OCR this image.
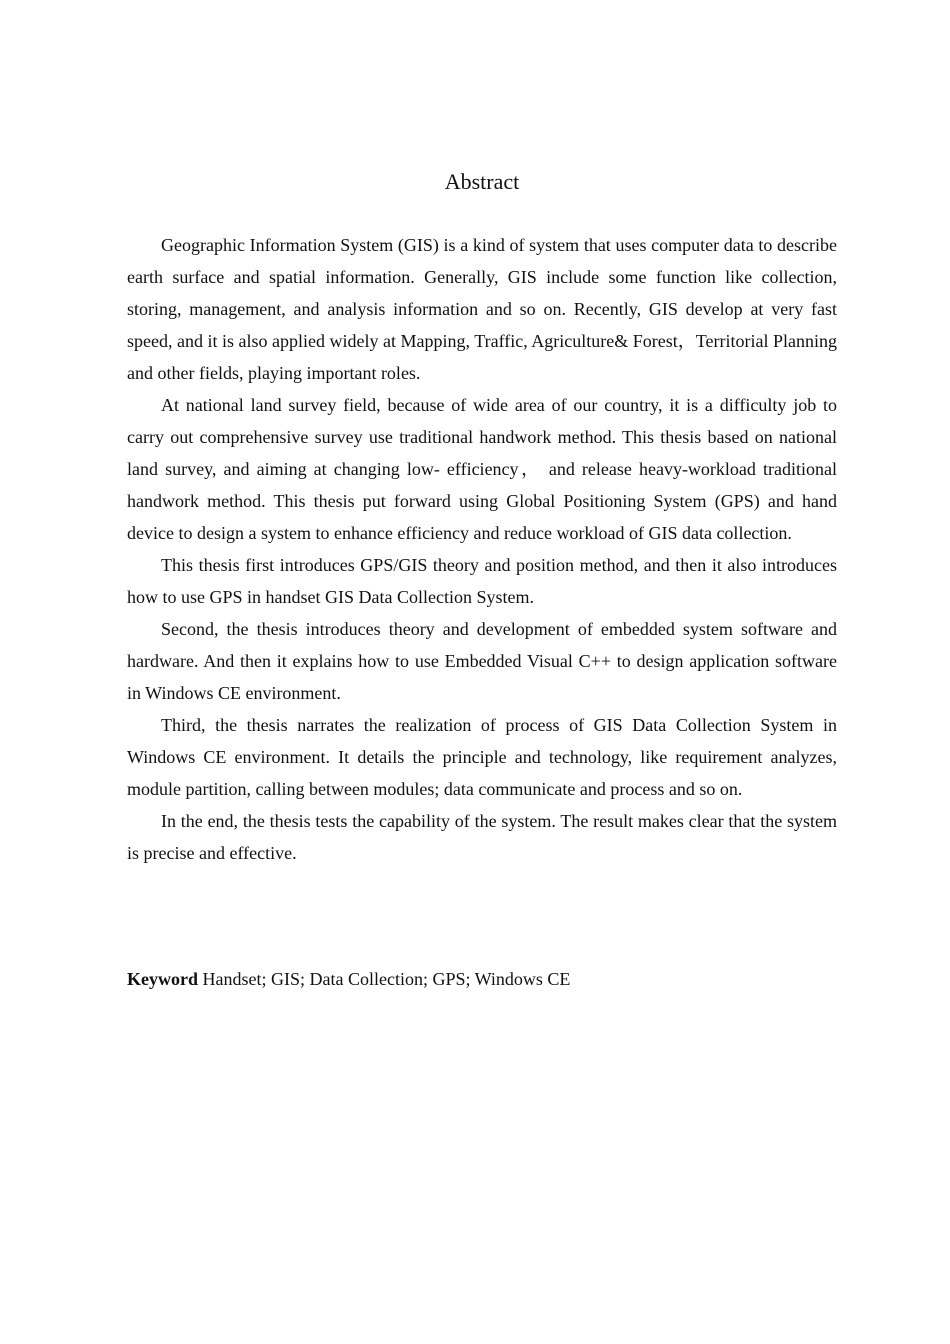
Abstract

Geographic Information System (GIS) is a kind of system that uses computer data to describe earth surface and spatial information. Generally, GIS include some function like collection, storing, management, and analysis information and so on. Recently, GIS develop at very fast speed, and it is also applied widely at Mapping, Traffic, Agriculture& Forest，Territorial Planning and other fields, playing important roles.

At national land survey field, because of wide area of our country, it is a difficulty job to carry out comprehensive survey use traditional handwork method. This thesis based on national land survey, and aiming at changing low- efficiency， and release heavy-workload traditional handwork method. This thesis put forward using Global Positioning System (GPS) and hand device to design a system to enhance efficiency and reduce workload of GIS data collection.

This thesis first introduces GPS/GIS theory and position method, and then it also introduces how to use GPS in handset GIS Data Collection System.

Second, the thesis introduces theory and development of embedded system software and hardware. And then it explains how to use Embedded Visual C++ to design application software in Windows CE environment.

Third, the thesis narrates the realization of process of GIS Data Collection System in Windows CE environment. It details the principle and technology, like requirement analyzes, module partition, calling between modules; data communicate and process and so on.

In the end, the thesis tests the capability of the system. The result makes clear that the system is precise and effective.

Keyword Handset; GIS; Data Collection; GPS; Windows CE
